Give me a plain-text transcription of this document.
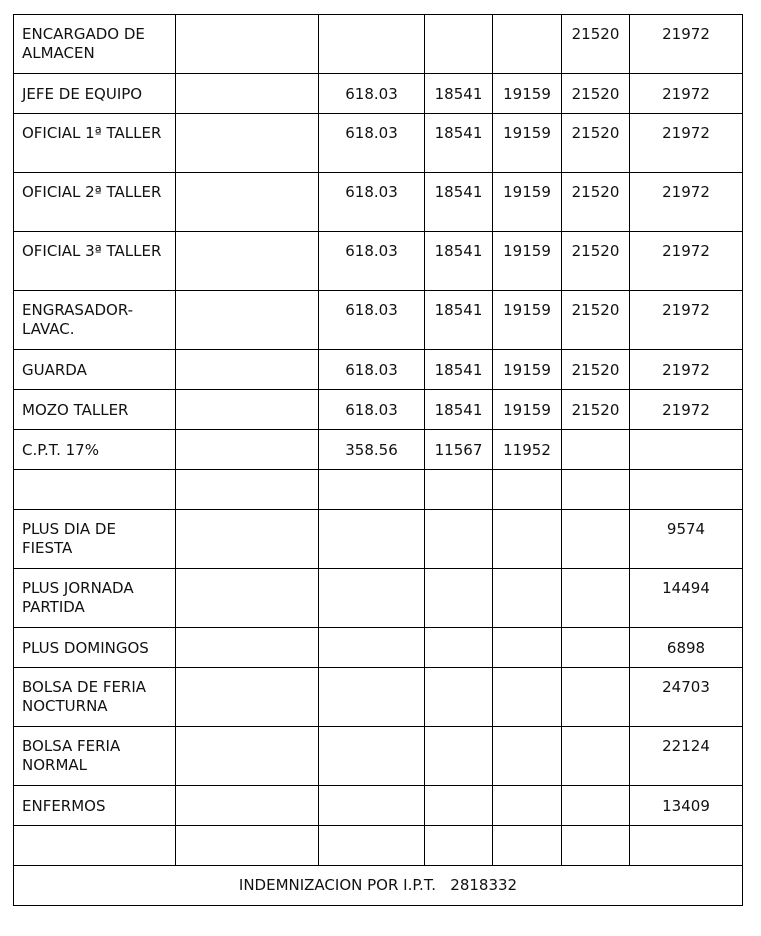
ENCARGADO DE ALMACEN					21520	21972
JEFE DE EQUIPO		618.03	18541	19159	21520	21972
OFICIAL 1ª TALLER		618.03	18541	19159	21520	21972
OFICIAL 2ª TALLER		618.03	18541	19159	21520	21972
OFICIAL 3ª TALLER		618.03	18541	19159	21520	21972
ENGRASADOR-LAVAC.		618.03	18541	19159	21520	21972
GUARDA		618.03	18541	19159	21520	21972
MOZO TALLER		618.03	18541	19159	21520	21972
C.P.T. 17%		358.56	11567	11952		

PLUS DIA DE FIESTA						9574
PLUS JORNADA PARTIDA						14494
PLUS DOMINGOS						6898
BOLSA DE FERIA NOCTURNA						24703
BOLSA FERIA NORMAL						22124
ENFERMOS						13409

INDEMNIZACION POR I.P.T. 2818332						
